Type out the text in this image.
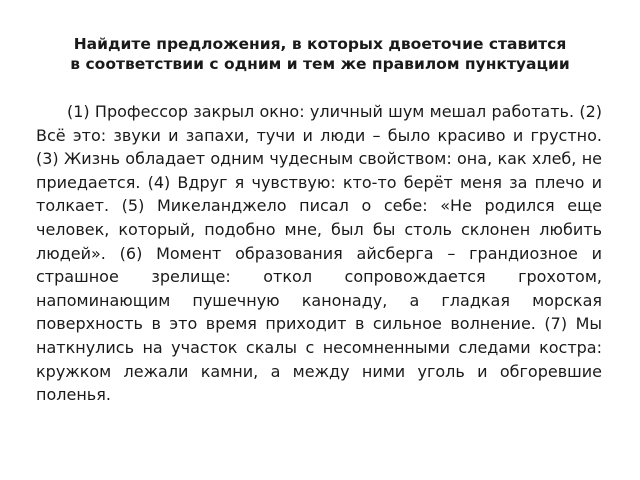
Найдите предложения, в которых двоеточие ставится
в соответствии с одним и тем же правилом пунктуации

(1) Профессор закрыл окно: уличный шум мешал работать. (2) Всё это: звуки и запахи, тучи и люди – было красиво и грустно. (3) Жизнь обладает одним чудесным свойством: она, как хлеб, не приедается. (4) Вдруг я чувствую: кто-то берёт меня за плечо и толкает. (5) Микеланджело писал о себе: «Не родился еще человек, который, подобно мне, был бы столь склонен любить людей». (6) Момент образования айсберга – грандиозное и страшное зрелище: откол сопровождается грохотом, напоминающим пушечную канонаду, а гладкая морская поверхность в это время приходит в сильное волнение. (7) Мы наткнулись на участок скалы с несомненными следами костра: кружком лежали камни, а между ними уголь и обгоревшие поленья.
